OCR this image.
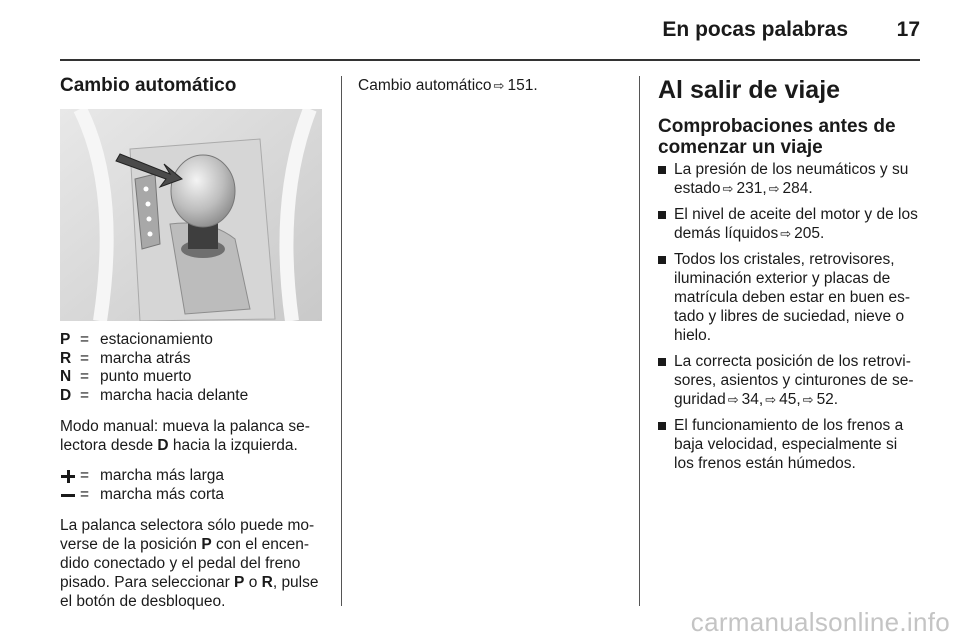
En pocas palabras 17
Cambio automático
P = estacionamiento
R = marcha atrás
N = punto muerto
D = marcha hacia delante
Modo manual: mueva la palanca se-
lectora desde D hacia la izquierda.
= marcha más larga
= marcha más corta
La palanca selectora sólo puede mo-
verse de la posición P con el encen-
dido conectado y el pedal del freno
pisado. Para seleccionar P o R, pulse
el botón de desbloqueo.
Cambio automático ⇨ 151.	Al salir de viaje
Comprobaciones antes de
comenzar un viaje
La presión de los neumáticos y su
estado ⇨ 231, ⇨ 284.
El nivel de aceite del motor y de los
demás líquidos ⇨ 205.
Todos los cristales, retrovisores,
iluminación exterior y placas de
matrícula deben estar en buen es-
tado y libres de suciedad, nieve o
hielo.
La correcta posición de los retrovi-
sores, asientos y cinturones de se-
guridad ⇨ 34, ⇨ 45, ⇨ 52.
El funcionamiento de los frenos a
baja velocidad, especialmente si
los frenos están húmedos.
carmanualsonline.info
